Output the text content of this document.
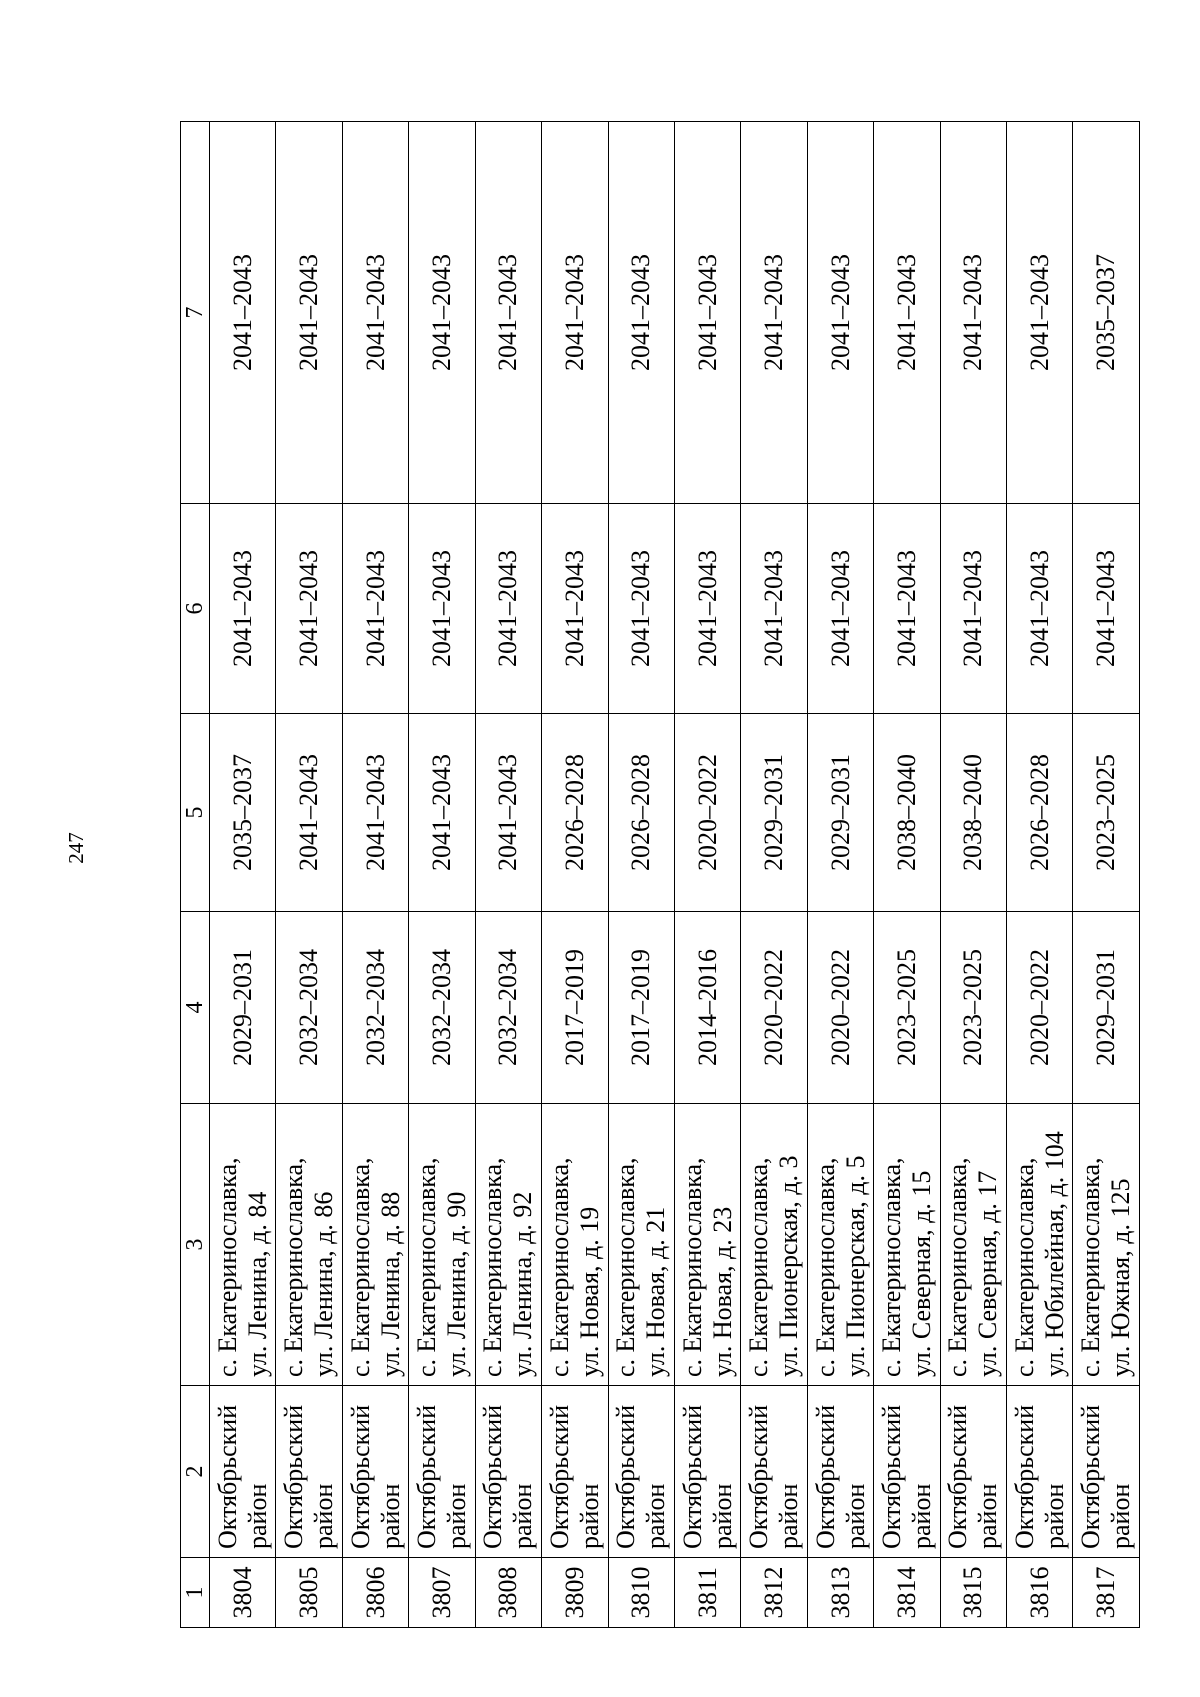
247
1	2	3	4	5	6	7
3804	Октябрьский район	с. Екатеринославка, ул. Ленина, д. 84	2029–2031	2035–2037	2041–2043	2041–2043
3805	Октябрьский район	с. Екатеринославка, ул. Ленина, д. 86	2032–2034	2041–2043	2041–2043	2041–2043
3806	Октябрьский район	с. Екатеринославка, ул. Ленина, д. 88	2032–2034	2041–2043	2041–2043	2041–2043
3807	Октябрьский район	с. Екатеринославка, ул. Ленина, д. 90	2032–2034	2041–2043	2041–2043	2041–2043
3808	Октябрьский район	с. Екатеринославка, ул. Ленина, д. 92	2032–2034	2041–2043	2041–2043	2041–2043
3809	Октябрьский район	с. Екатеринославка, ул. Новая, д. 19	2017–2019	2026–2028	2041–2043	2041–2043
3810	Октябрьский район	с. Екатеринославка, ул. Новая, д. 21	2017–2019	2026–2028	2041–2043	2041–2043
3811	Октябрьский район	с. Екатеринославка, ул. Новая, д. 23	2014–2016	2020–2022	2041–2043	2041–2043
3812	Октябрьский район	с. Екатеринославка, ул. Пионерская, д. 3	2020–2022	2029–2031	2041–2043	2041–2043
3813	Октябрьский район	с. Екатеринославка, ул. Пионерская, д. 5	2020–2022	2029–2031	2041–2043	2041–2043
3814	Октябрьский район	с. Екатеринославка, ул. Северная, д. 15	2023–2025	2038–2040	2041–2043	2041–2043
3815	Октябрьский район	с. Екатеринославка, ул. Северная, д. 17	2023–2025	2038–2040	2041–2043	2041–2043
3816	Октябрьский район	с. Екатеринославка, ул. Юбилейная, д. 104	2020–2022	2026–2028	2041–2043	2041–2043
3817	Октябрьский район	с. Екатеринославка, ул. Южная, д. 125	2029–2031	2023–2025	2041–2043	2035–2037
